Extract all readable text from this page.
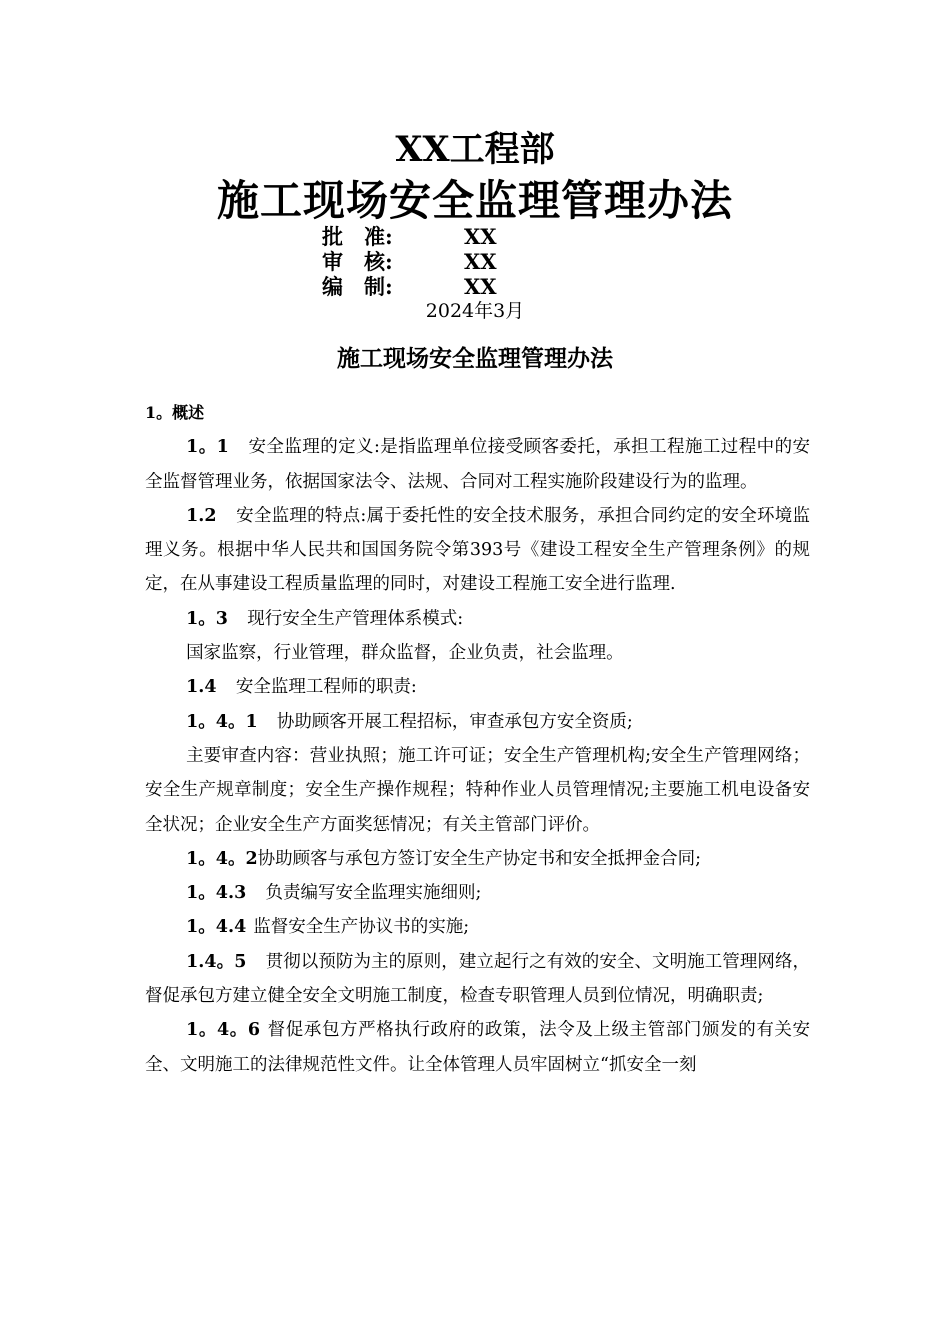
XX工程部
施工现场安全监理管理办法
批　准:	XX
审　核:	XX
编　制:	XX
2024年3月
施工现场安全监理管理办法

1。概述

1。1 安全监理的定义:是指监理单位接受顾客委托，承担工程施工过程中的安全监督管理业务，依据国家法令、法规、合同对工程实施阶段建设行为的监理。

1.2 安全监理的特点:属于委托性的安全技术服务，承担合同约定的安全环境监理义务。根据中华人民共和国国务院令第393号《建设工程安全生产管理条例》的规定，在从事建设工程质量监理的同时，对建设工程施工安全进行监理.

1。3 现行安全生产管理体系模式:

国家监察，行业管理，群众监督，企业负责，社会监理。

1.4 安全监理工程师的职责:

1。4。1 协助顾客开展工程招标，审查承包方安全资质;

主要审查内容：营业执照；施工许可证；安全生产管理机构;安全生产管理网络；安全生产规章制度；安全生产操作规程；特种作业人员管理情况;主要施工机电设备安全状况；企业安全生产方面奖惩情况；有关主管部门评价。

1。4。2协助顾客与承包方签订安全生产协定书和安全抵押金合同;

1。4.3 负责编写安全监理实施细则;

1。4.4 监督安全生产协议书的实施;

1.4。5 贯彻以预防为主的原则，建立起行之有效的安全、文明施工管理网络，督促承包方建立健全安全文明施工制度，检查专职管理人员到位情况，明确职责;

1。4。6 督促承包方严格执行政府的政策，法令及上级主管部门颁发的有关安全、文明施工的法律规范性文件。让全体管理人员牢固树立“抓安全一刻
